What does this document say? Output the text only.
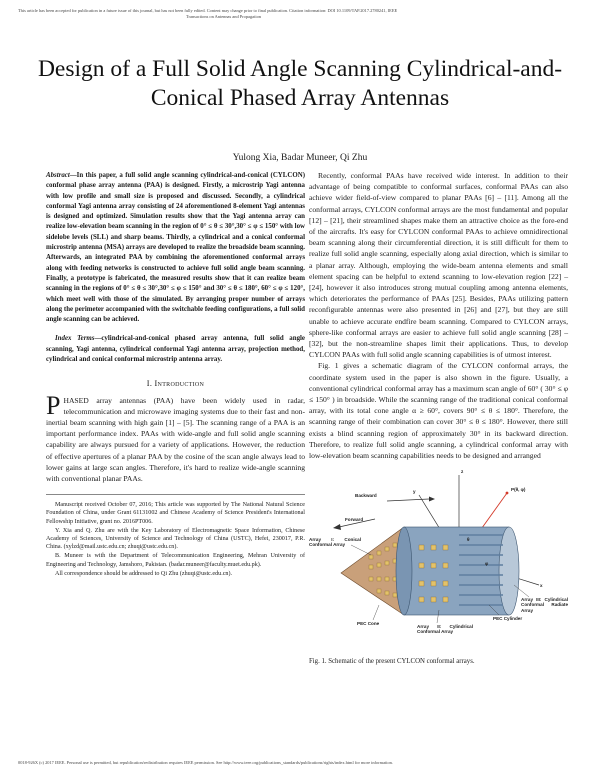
This article has been accepted for publication in a future issue of this journal, but has not been fully edited. Content may change prior to final publication. Citation information: DOI 10.1109/TAP.2017.2780241, IEEE
Transactions on Antennas and Propagation
Design of a Full Solid Angle Scanning Cylindrical-and-Conical Phased Array Antennas
Yulong Xia, Badar Muneer, Qi Zhu
Abstract—In this paper, a full solid angle scanning cylindrical-and-conical (CYLCON) conformal phase array antenna (PAA) is designed. Firstly, a microstrip Yagi antenna with low profile and small size is proposed and discussed. Secondly, a cylindrical conformal Yagi antenna array consisting of 24 aforementioned 8-element Yagi antennas is designed and optimized. Simulation results show that the Yagi antenna array can realize low-elevation beam scanning in the region of 0° ≤ θ ≤ 30°,30° ≤ φ ≤ 150° with low sidelobe levels (SLL) and sharp beams. Thirdly, a cylindrical and a conical conformal microstrip antenna (MSA) arrays are developed to realize the broadside beam scanning. Afterwards, an integrated PAA by combining the aforementioned conformal arrays along with feeding networks is constructed to achieve full solid angle beam scanning. Finally, a prototype is fabricated, the measured results show that it can realize beam scanning in the regions of 0° ≤ θ ≤ 30°,30° ≤ φ ≤ 150° and 30° ≤ θ ≤ 180°, 60° ≤ φ ≤ 120°, which meet well with those of the simulated. By arranging proper number of arrays along the perimeter accompanied with the switchable feeding configurations, a full solid angle scanning can be achieved.
Index Terms—cylindrical-and-conical phased array antenna, full solid angle scanning, Yagi antenna, cylindrical conformal Yagi antenna array, projection method, cylindrical and conical conformal microstrip antenna array.
I. Introduction
PHASED array antennas (PAA) have been widely used in radar, telecommunication and microwave imaging systems due to their fast and non-inertial beam scanning with high gain [1] – [5]. The scanning range of a PAA is an important performance index. PAAs with wide-angle and full solid angle scanning capability are always pursued for a variety of applications. However, the reduction of effective apertures of a planar PAA by the cosine of the scan angle always lead to lower gains at large scan angles. Therefore, it's hard to realize wide-angle scanning with conventional planar PAAs.
Manuscript received October 07, 2016; This article was supported by The National Natural Science Foundation of China, under Grant 61131002 and Chinese Academy of Science President's International Fellowship Initiative, grant no. 2016PT006.
Y. Xia and Q. Zhu are with the Key Laboratory of Electromagnetic Space Information, Chinese Academy of Sciences, University of Science and Technology of China (USTC), Hefei, 230017, P.R. China. (xylzd@mail.ustc.edu.cn; zhuqi@ustc.edu.cn).
B. Muneer is with the Department of Telecommunication Engineering, Mehran University of Engineering and Technology, Jamshoro, Pakistan. (badar.muneer@faculty.muet.edu.pk).
All correspondence should be addressed to Qi Zhu (zhuqi@ustc.edu.cn).
Recently, conformal PAAs have received wide interest. In addition to their advantage of being compatible to conformal surfaces, conformal PAAs can also achieve wider field-of-view compared to planar PAAs [6] – [11]. Among all the conformal arrays, CYLCON conformal arrays are the most fundamental and popular [12] – [21], their streamlined shapes make them an attractive choice as the fore-end of the aircrafts. It's easy for CYLCON conformal PAAs to achieve omnidirectional beam scanning along their circumferential direction, it is still difficult for them to realize full solid angle scanning, especially along axial direction, which is similar to a planar array. Although, employing the wide-beam antenna elements and small element spacing can be helpful to extend scanning to low-elevation region [22] – [24], however it also introduces strong mutual coupling among antenna elements, which deteriorates the performance of PAAs [25]. Besides, PAAs utilizing pattern reconfigurable antennas were also presented in [26] and [27], but they are still unable to achieve accurate endfire beam scanning. Compared to CYLCON arrays, sphere-like conformal arrays are easier to achieve full solid angle scanning [28] – [32], but the non-streamline shapes limit their applications. Thus, to develop CYLCON PAAs with full solid angle scanning capabilities is of utmost interest.
Fig. 1 gives a schematic diagram of the CYLCON conformal arrays, the coordinate system used in the paper is also shown in the figure. Usually, a conventional cylindrical conformal array has a maximum scan angle of 60° ( 30° ≤ φ ≤ 150° ) in broadside. While the scanning range of the traditional conical conformal array, with its total cone angle α ≥ 60°, covers 90° ≤ θ ≤ 180°. Therefore, the scanning range of their combination can cover 30° ≤ θ ≤ 180°. However, there still exists a blind scanning region of approximately 30° in its backward direction. Therefore, to realize full solid angle scanning, a cylindrical conformal array with low-elevation beam scanning capabilities needs to be designed and arranged
Backward
Forward
P(θ, φ)
z
y
x
θ
φ
Array I: Conical Conformal Array
Array III: Cylindrical Conformal Radiate Array
PEC Cylinder
PEC Cone
Array II: Cylindrical Conformal Array
Fig. 1. Schematic of the present CYLCON conformal arrays.
0018-926X (c) 2017 IEEE. Personal use is permitted, but republication/redistribution requires IEEE permission. See http://www.ieee.org/publications_standards/publications/rights/index.html for more information.
